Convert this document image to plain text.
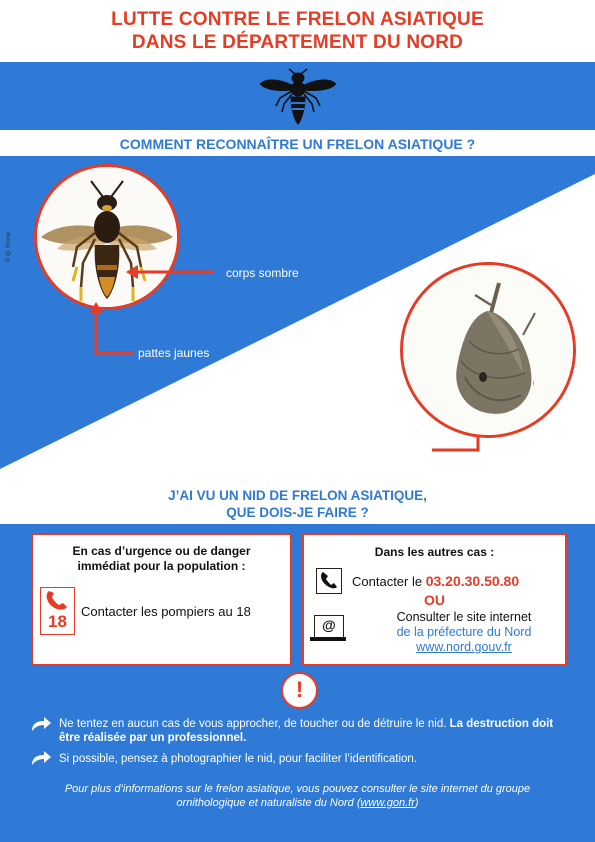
LUTTE CONTRE LE FRELON ASIATIQUE
DANS LE DÉPARTEMENT DU NORD
COMMENT RECONNAÎTRE UN FRELON ASIATIQUE ?
© Q. Rome
corps sombre
pattes jaunes
—
petite entrée sur le côté
J’AI VU UN NID DE FRELON ASIATIQUE,
QUE DOIS-JE FAIRE ?
En cas d’urgence ou de danger
immédiat pour la population :
18
Contacter les pompiers au 18
Dans les autres cas :
Contacter le 03.20.30.50.80
OU
@	Consulter le site internet
de la préfecture du Nord
www.nord.gouv.fr
!
Ne tentez en aucun cas de vous approcher, de toucher ou de détruire le nid. La destruction doit être réalisée par un professionnel.
Si possible, pensez à photographier le nid, pour faciliter l’identification.
Pour plus d’informations sur le frelon asiatique, vous pouvez consulter le site internet du groupe ornithologique et naturaliste du Nord (www.gon.fr)
